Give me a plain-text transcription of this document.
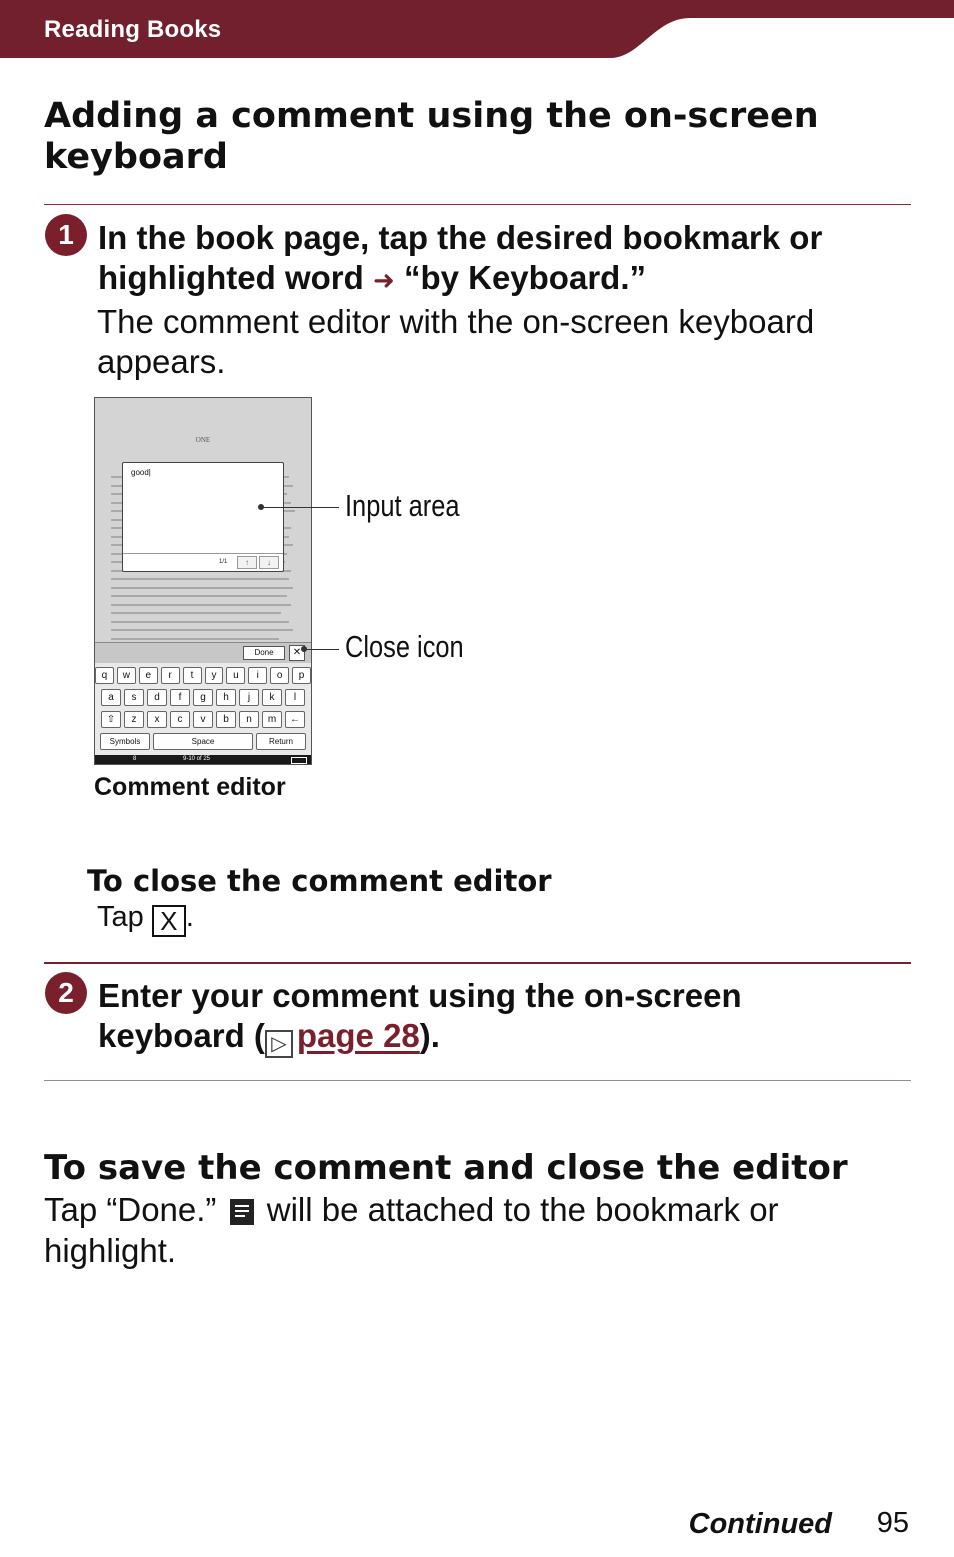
Reading Books
Adding a comment using the on-screen keyboard
1 In the book page, tap the desired bookmark or highlighted word ➜ “by Keyboard.”
The comment editor with the on-screen keyboard appears.
ONE
good|
1/1	↑	↓
Done	✕
q	w	e	r	t	y	u	i	o	p
a	s	d	f	g	h	j	k	l
⇧	z	x	c	v	b	n	m	←
Symbols	Space	Return
8	9-10 of 25
Input area
Close icon
Comment editor
To close the comment editor
Tap X .
2 Enter your comment using the on-screen keyboard ( ▷ page 28).
To save the comment and close the editor
Tap “Done.” will be attached to the bookmark or highlight.
Continued 95
